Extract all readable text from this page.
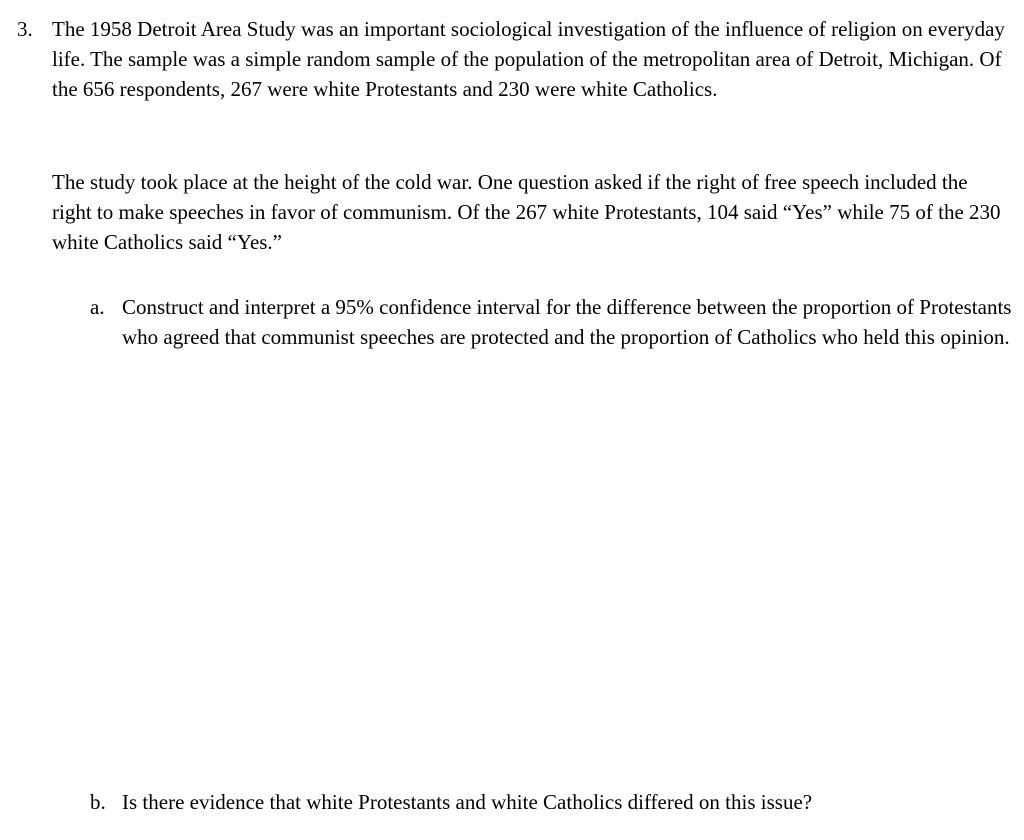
3. The 1958 Detroit Area Study was an important sociological investigation of the influence of religion on everyday life. The sample was a simple random sample of the population of the metropolitan area of Detroit, Michigan. Of the 656 respondents, 267 were white Protestants and 230 were white Catholics.

The study took place at the height of the cold war. One question asked if the right of free speech included the right to make speeches in favor of communism. Of the 267 white Protestants, 104 said “Yes” while 75 of the 230 white Catholics said “Yes.”

a. Construct and interpret a 95% confidence interval for the difference between the proportion of Protestants who agreed that communist speeches are protected and the proportion of Catholics who held this opinion.

b. Is there evidence that white Protestants and white Catholics differed on this issue?
